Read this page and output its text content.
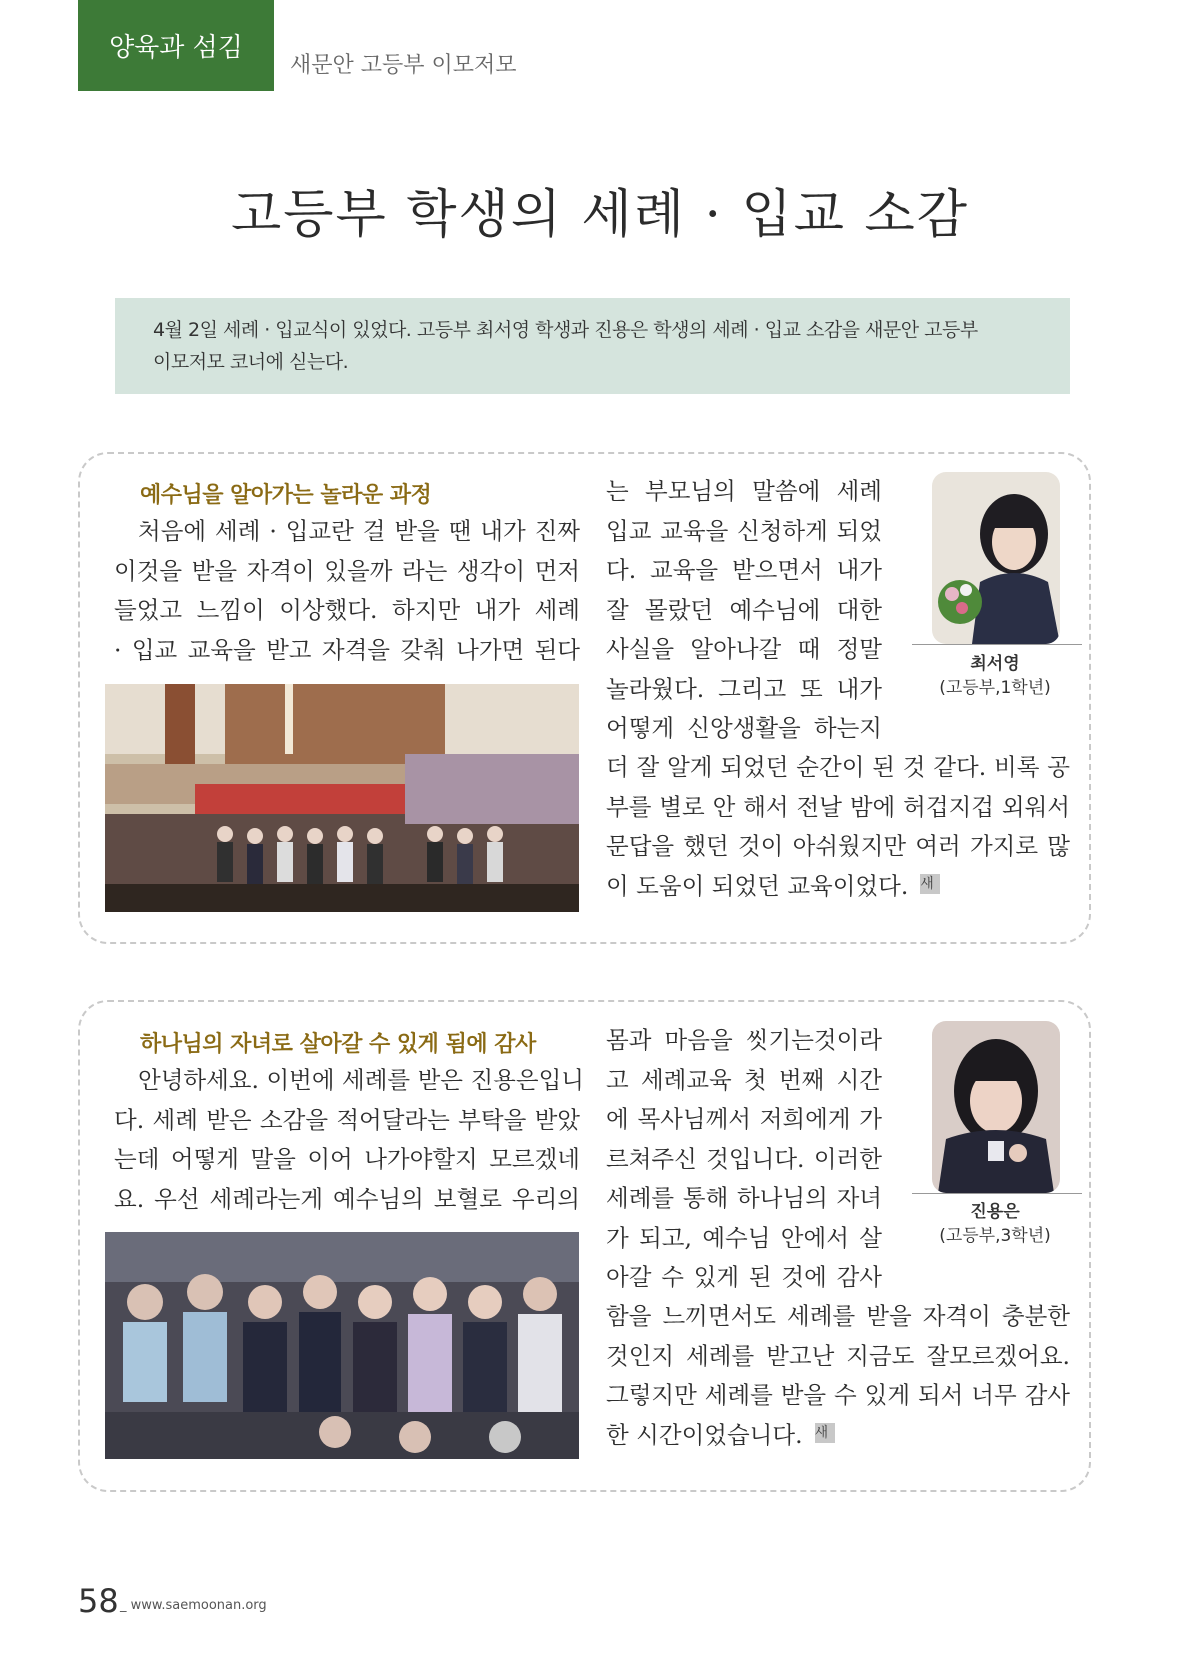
양육과 섬김
새문안 고등부 이모저모
고등부 학생의 세례 · 입교 소감
4월 2일 세례 · 입교식이 있었다. 고등부 최서영 학생과 진용은 학생의 세례 · 입교 소감을 새문안 고등부
이모저모 코너에 싣는다.
예수님을 알아가는 놀라운 과정
처음에 세례 · 입교란 걸 받을 땐 내가 진짜
이것을 받을 자격이 있을까 라는 생각이 먼저
들었고 느낌이 이상했다. 하지만 내가 세례
· 입교 교육을 받고 자격을 갖춰 나가면 된다
는 부모님의 말씀에 세례
입교 교육을 신청하게 되었
다. 교육을 받으면서 내가
잘 몰랐던 예수님에 대한
사실을 알아나갈 때 정말
놀라웠다. 그리고 또 내가
어떻게 신앙생활을 하는지
더 잘 알게 되었던 순간이 된 것 같다. 비록 공
부를 별로 안 해서 전날 밤에 허겁지겁 외워서
문답을 했던 것이 아쉬웠지만 여러 가지로 많
이 도움이 되었던 교육이었다. 새
최서영
(고등부,1학년)
하나님의 자녀로 살아갈 수 있게 됨에 감사
안녕하세요. 이번에 세례를 받은 진용은입니
다. 세례 받은 소감을 적어달라는 부탁을 받았
는데 어떻게 말을 이어 나가야할지 모르겠네
요. 우선 세례라는게 예수님의 보혈로 우리의
몸과 마음을 씻기는것이라
고 세례교육 첫 번째 시간
에 목사님께서 저희에게 가
르쳐주신 것입니다. 이러한
세례를 통해 하나님의 자녀
가 되고, 예수님 안에서 살
아갈 수 있게 된 것에 감사
함을 느끼면서도 세례를 받을 자격이 충분한
것인지 세례를 받고난 지금도 잘모르겠어요.
그렇지만 세례를 받을 수 있게 되서 너무 감사
한 시간이었습니다. 새
진용은
(고등부,3학년)
58 _ www.saemoonan.org
